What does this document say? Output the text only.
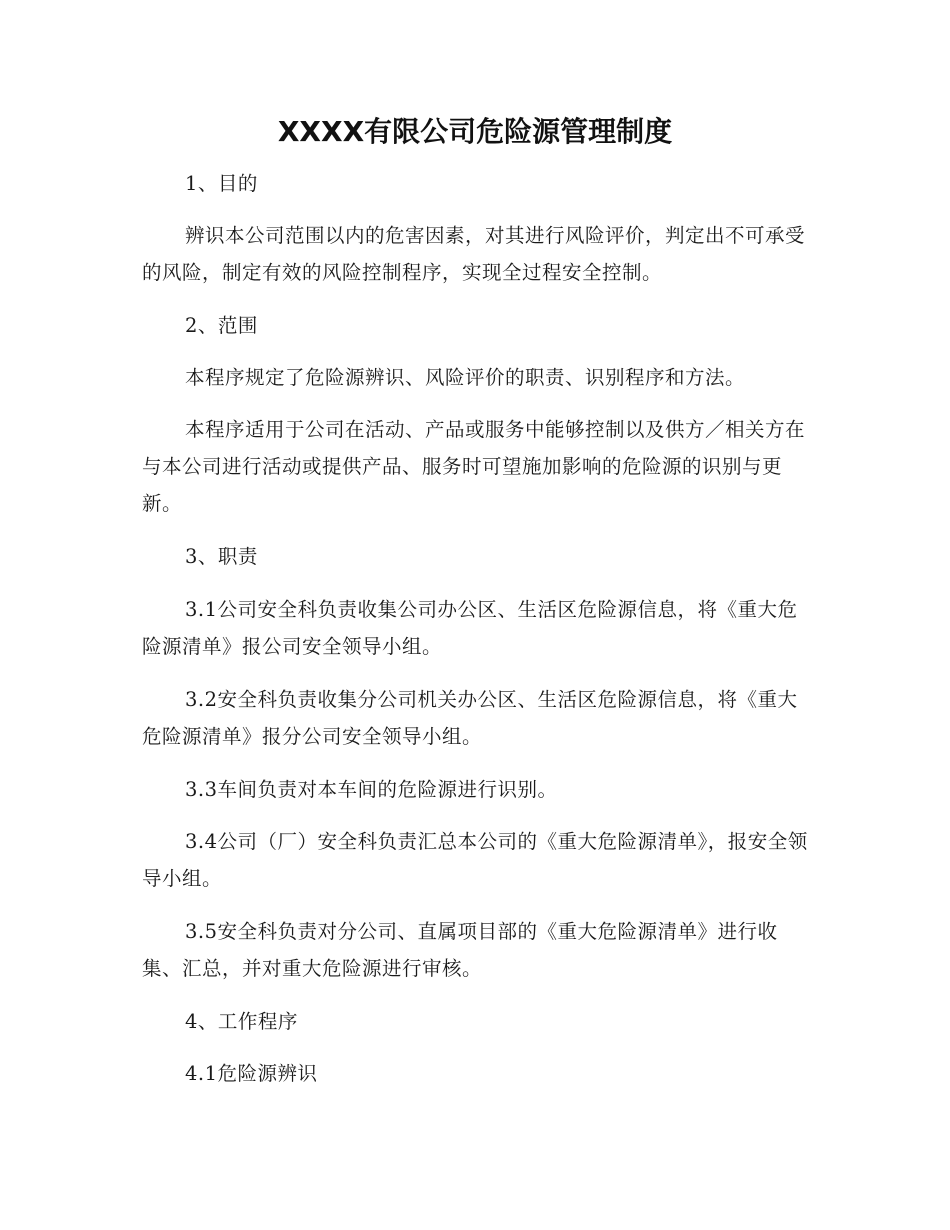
XXXX有限公司危险源管理制度

1、目的

辨识本公司范围以内的危害因素，对其进行风险评价，判定出不可承受的风险，制定有效的风险控制程序，实现全过程安全控制。

2、范围

本程序规定了危险源辨识、风险评价的职责、识别程序和方法。

本程序适用于公司在活动、产品或服务中能够控制以及供方／相关方在与本公司进行活动或提供产品、服务时可望施加影响的危险源的识别与更新。

3、职责

3.1公司安全科负责收集公司办公区、生活区危险源信息，将《重大危险源清单》报公司安全领导小组。

3.2安全科负责收集分公司机关办公区、生活区危险源信息，将《重大危险源清单》报分公司安全领导小组。

3.3车间负责对本车间的危险源进行识别。

3.4公司（厂）安全科负责汇总本公司的《重大危险源清单》，报安全领导小组。

3.5安全科负责对分公司、直属项目部的《重大危险源清单》进行收集、汇总，并对重大危险源进行审核。

4、工作程序

4.1危险源辨识
